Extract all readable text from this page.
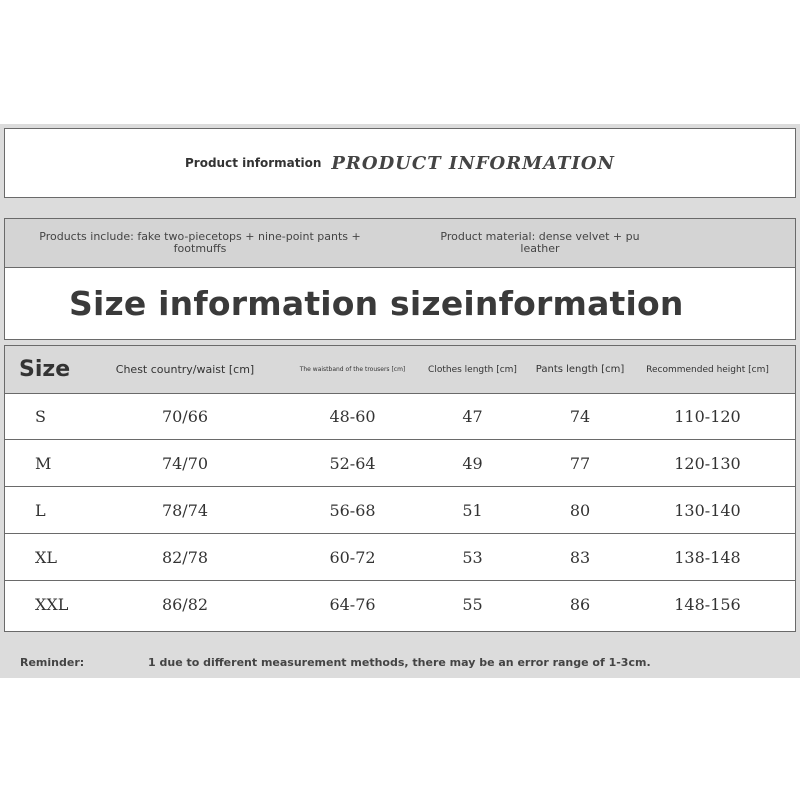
Product information PRODUCT INFORMATION
Products include: fake two-piecetops + nine-point pants + footmuffs
Product material: dense velvet + pu leather
Size information sizeinformation
Size	Chest country/waist [cm]	The waistband of the trousers [cm]	Clothes length [cm]	Pants length [cm]	Recommended height [cm]
S	70/66	48-60	47	74	110-120
M	74/70	52-64	49	77	120-130
L	78/74	56-68	51	80	130-140
XL	82/78	60-72	53	83	138-148
XXL	86/82	64-76	55	86	148-156
Reminder:	1 due to different measurement methods, there may be an error range of 1-3cm.
